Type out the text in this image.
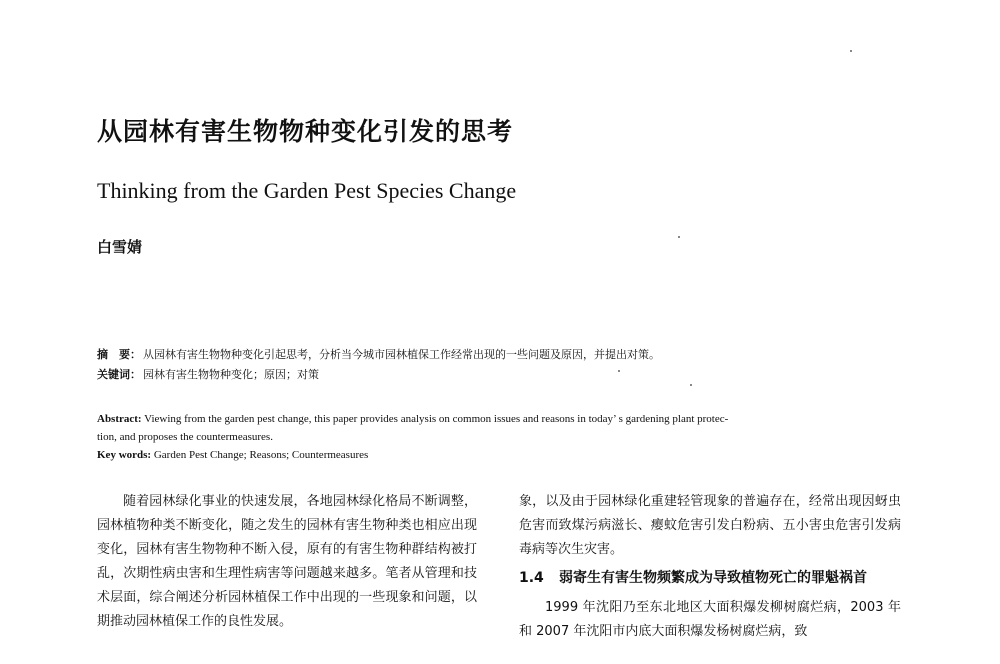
从园林有害生物物种变化引发的思考
Thinking from the Garden Pest Species Change
白雪婧
摘　要： 从园林有害生物物种变化引起思考，分析当今城市园林植保工作经常出现的一些问题及原因，并提出对策。
关键词： 园林有害生物物种变化；原因；对策
Abstract: Viewing from the garden pest change, this paper provides analysis on common issues and reasons in today’ s gardening plant protec-
tion, and proposes the countermeasures.
Key words: Garden Pest Change; Reasons; Countermeasures
随着园林绿化事业的快速发展，各地园林绿化格局不断调整，园林植物种类不断变化，随之发生的园林有害生物种类也相应出现变化，园林有害生物物种不断入侵，原有的有害生物种群结构被打乱，次期性病虫害和生理性病害等问题越来越多。笔者从管理和技术层面，综合阐述分析园林植保工作中出现的一些现象和问题，以期推动园林植保工作的良性发展。
象，以及由于园林绿化重建轻管现象的普遍存在，经常出现因蚜虫危害而致煤污病滋长、瘿蚊危害引发白粉病、五小害虫危害引发病毒病等次生灾害。
1.4	弱寄生有害生物频繁成为导致植物死亡的罪魁祸首
1999 年沈阳乃至东北地区大面积爆发柳树腐烂病，2003 年和 2007 年沈阳市内底大面积爆发杨树腐烂病，致
